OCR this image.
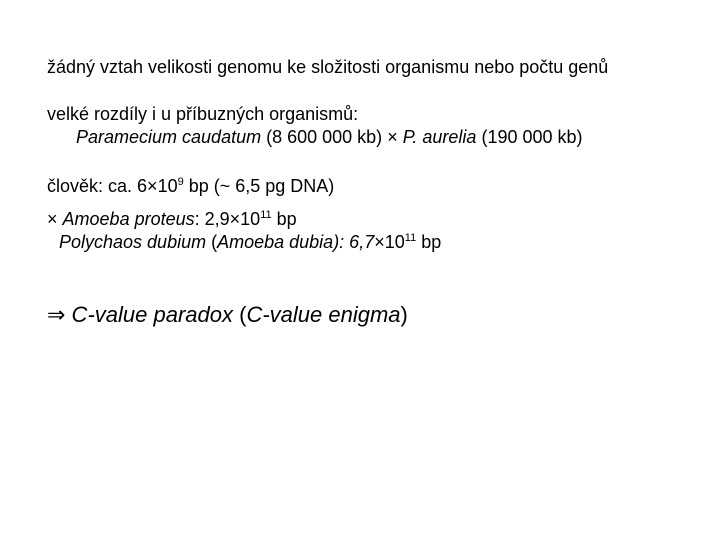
žádný vztah velikosti genomu ke složitosti organismu nebo počtu genů
velké rozdíly i u příbuzných organismů:
Paramecium caudatum (8 600 000 kb) × P. aurelia (190 000 kb)
člověk: ca. $6\times 10^9$ bp (~ 6,5 pg DNA)
× Amoeba proteus: $2,9\times 10^{11}$ bp
Polychaos dubium (Amoeba dubia): $6,7\times 10^{11}$ bp
⇒ C-value paradox (C-value enigma)
